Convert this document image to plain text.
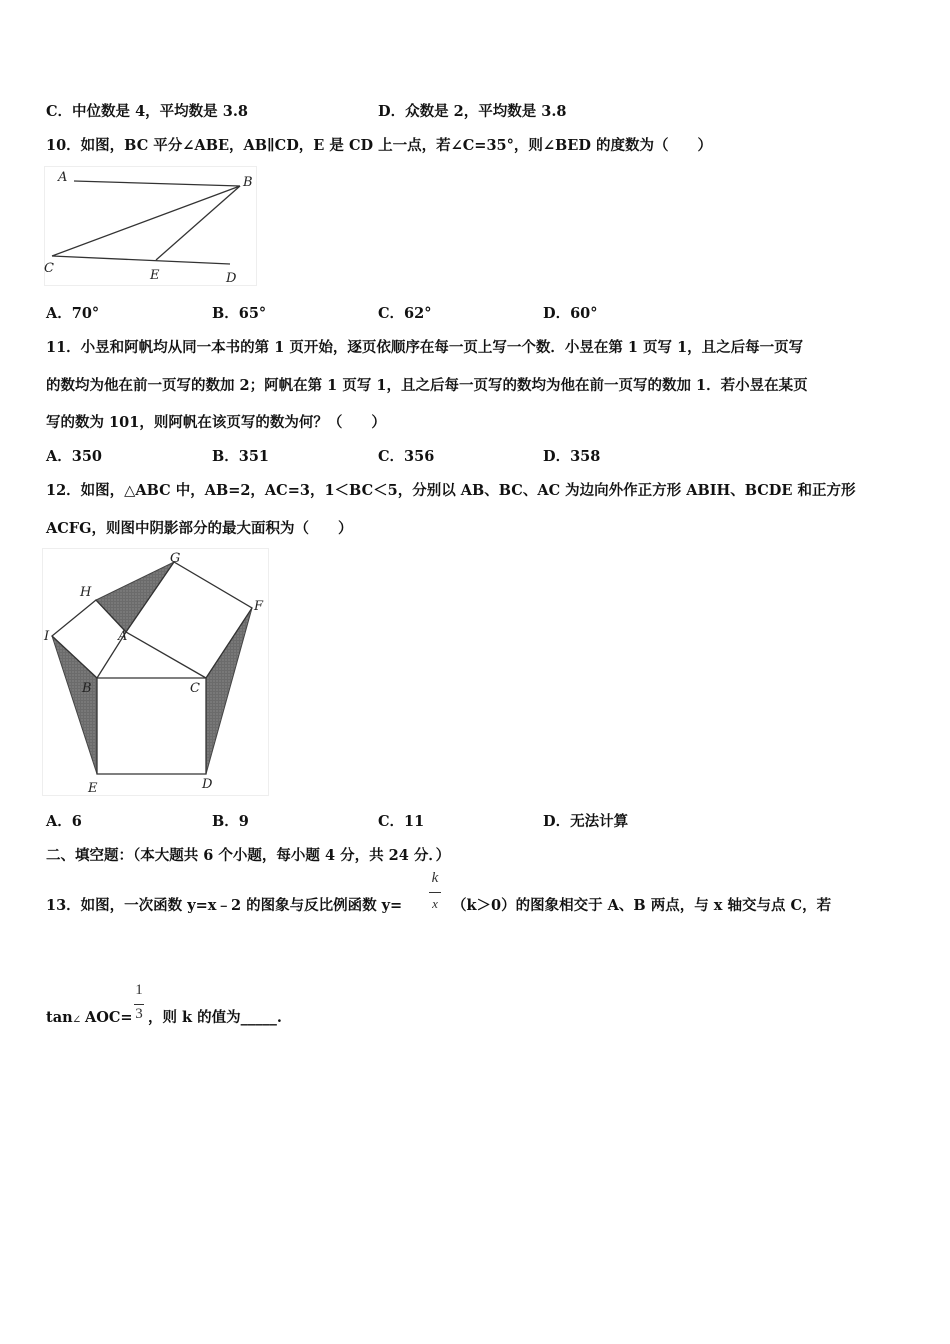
C．中位数是 4，平均数是 3.8	D．众数是 2，平均数是 3.8
10．如图，BC 平分∠ABE，AB∥CD，E 是 CD 上一点，若∠C=35°，则∠BED 的度数为（　　）
A	B
C	E	D
A．70°	B．65°	C．62°	D．60°
11．小昱和阿帆均从同一本书的第 1 页开始，逐页依顺序在每一页上写一个数．小昱在第 1 页写 1，且之后每一页写
的数均为他在前一页写的数加 2；阿帆在第 1 页写 1，且之后每一页写的数均为他在前一页写的数加 1．若小昱在某页
写的数为 101，则阿帆在该页写的数为何？（　　）
A．350	B．351	C．356	D．358
12．如图，△ABC 中，AB=2，AC=3，1＜BC＜5，分别以 AB、BC、AC 为边向外作正方形 ABIH、BCDE 和正方形
ACFG，则图中阴影部分的最大面积为（　　）
G
H
F
I	A
B	C
E	D
A．6	B．9	C．11	D．无法计算
二、填空题：（本大题共 6 个小题，每小题 4 分，共 24 分．）
13．如图，一次函数 y=x﹣2 的图象与反比例函数 y=
k
x （k＞0）的图象相交于 A、B 两点，与 x 轴交与点 C，若
tan ∠ AOC=
1
3 ，则 k 的值为_____.
